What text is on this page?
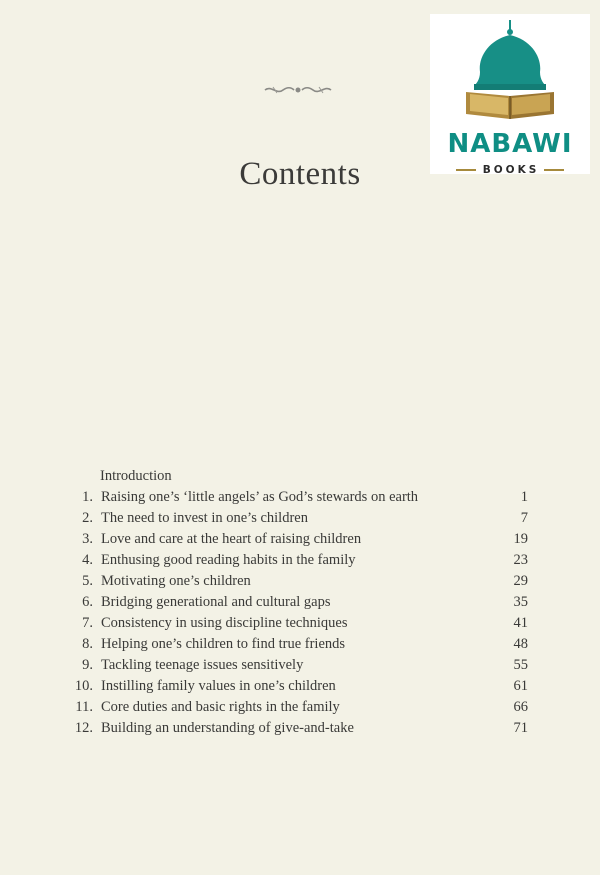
NABAWI
BOOKS
Contents
Introduction
1. Raising one’s ‘little angels’ as God’s stewards on earth	1
2. The need to invest in one’s children	7
3. Love and care at the heart of raising children	19
4. Enthusing good reading habits in the family	23
5. Motivating one’s children	29
6. Bridging generational and cultural gaps	35
7. Consistency in using discipline techniques	41
8. Helping one’s children to find true friends	48
9. Tackling teenage issues sensitively	55
10. Instilling family values in one’s children	61
11. Core duties and basic rights in the family	66
12. Building an understanding of give-and-take	71
